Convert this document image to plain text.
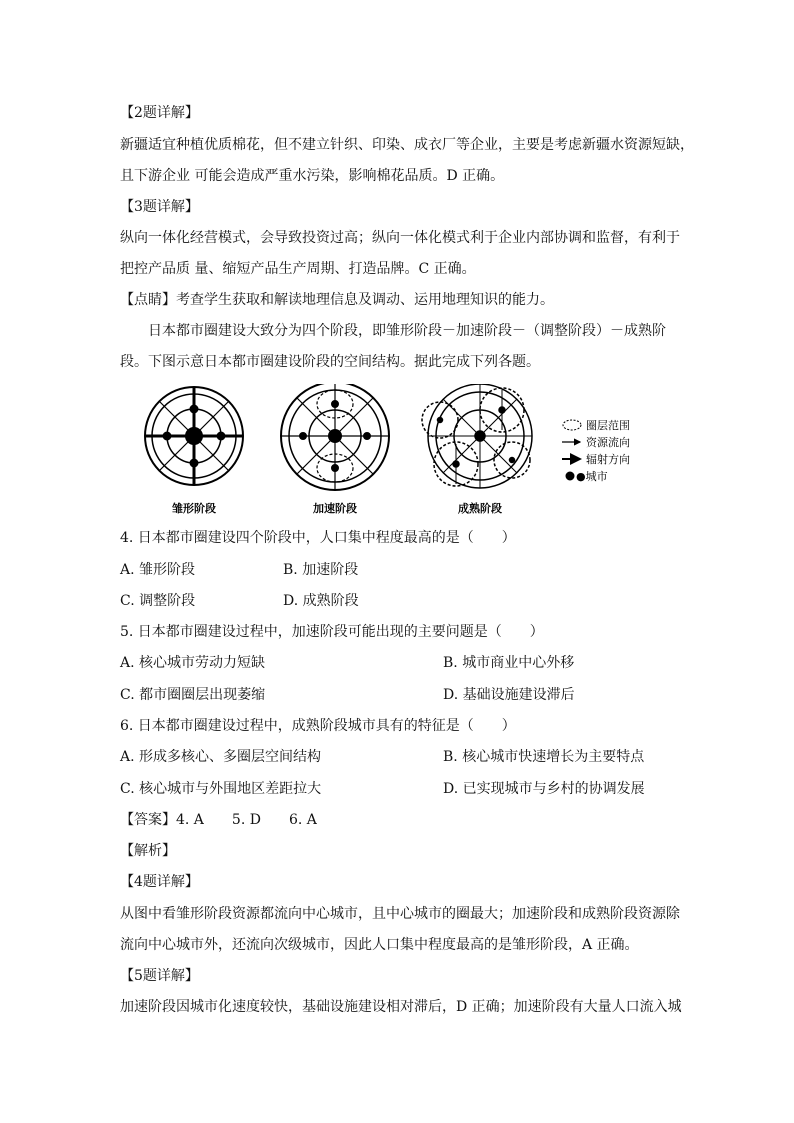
【2题详解】
新疆适宜种植优质棉花，但不建立针织、印染、成衣厂等企业，主要是考虑新疆水资源短缺，
且下游企业 可能会造成严重水污染，影响棉花品质。D 正确。
【3题详解】
纵向一体化经营模式，会导致投资过高；纵向一体化模式利于企业内部协调和监督，有利于
把控产品质 量、缩短产品生产周期、打造品牌。C 正确。
【点睛】考查学生获取和解读地理信息及调动、运用地理知识的能力。
日本都市圈建设大致分为四个阶段，即雏形阶段－加速阶段－（调整阶段）－成熟阶
段。下图示意日本都市圈建设阶段的空间结构。据此完成下列各题。
圈层范围
资源流向
辐射方向
●城市
雏形阶段	加速阶段	成熟阶段
4. 日本都市圈建设四个阶段中，人口集中程度最高的是（　　）
A. 雏形阶段	B. 加速阶段
C. 调整阶段	D. 成熟阶段
5. 日本都市圈建设过程中，加速阶段可能出现的主要问题是（　　）
A. 核心城市劳动力短缺	B. 城市商业中心外移
C. 都市圈圈层出现萎缩	D. 基础设施建设滞后
6. 日本都市圈建设过程中，成熟阶段城市具有的特征是（　　）
A. 形成多核心、多圈层空间结构	B. 核心城市快速增长为主要特点
C. 核心城市与外围地区差距拉大	D. 已实现城市与乡村的协调发展
【答案】4. A　　5. D　　6. A
【解析】
【4题详解】
从图中看雏形阶段资源都流向中心城市，且中心城市的圈最大；加速阶段和成熟阶段资源除
流向中心城市外，还流向次级城市，因此人口集中程度最高的是雏形阶段，A 正确。
【5题详解】
加速阶段因城市化速度较快，基础设施建设相对滞后，D 正确；加速阶段有大量人口流入城
